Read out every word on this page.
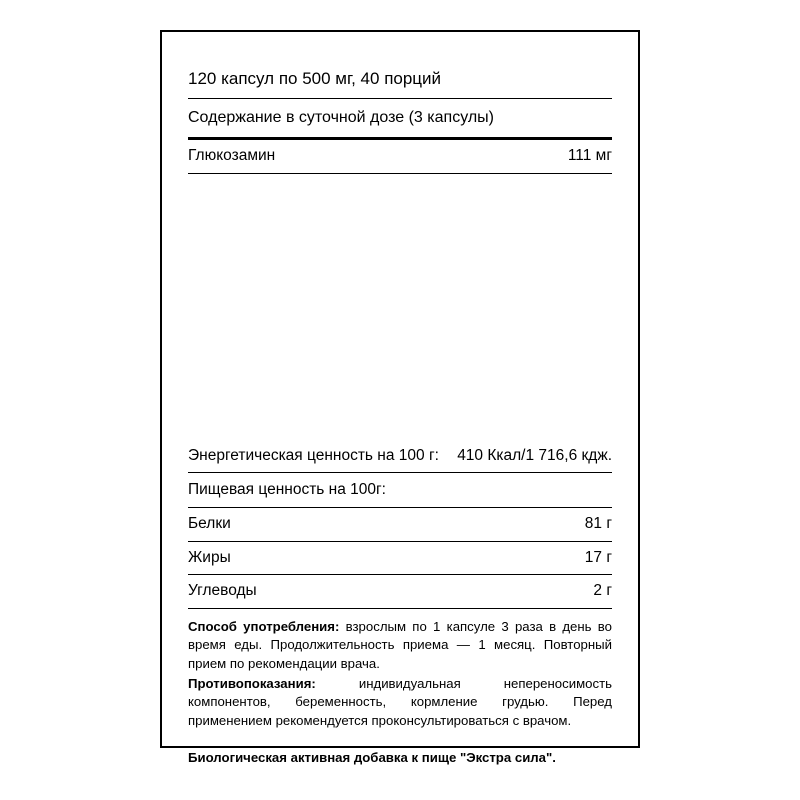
120 капсул по 500 мг, 40 порций
Содержание в суточной дозе (3 капсулы)
Глюкозамин	111 мг
Энергетическая ценность на 100 г:	410 Ккал/1 716,6 кдж.
Пищевая ценность на 100г:
Белки	81 г
Жиры	17 г
Углеводы	2 г

Способ употребления: взрослым по 1 капсуле 3 раза в день во время еды. Продолжительность приема — 1 месяц. Повторный прием по рекомендации врача.

Противопоказания: индивидуальная непереносимость компонентов, беременность, кормление грудью. Перед применением рекомендуется проконсультироваться с врачом.

Биологическая активная добавка к пище "Экстра сила".
